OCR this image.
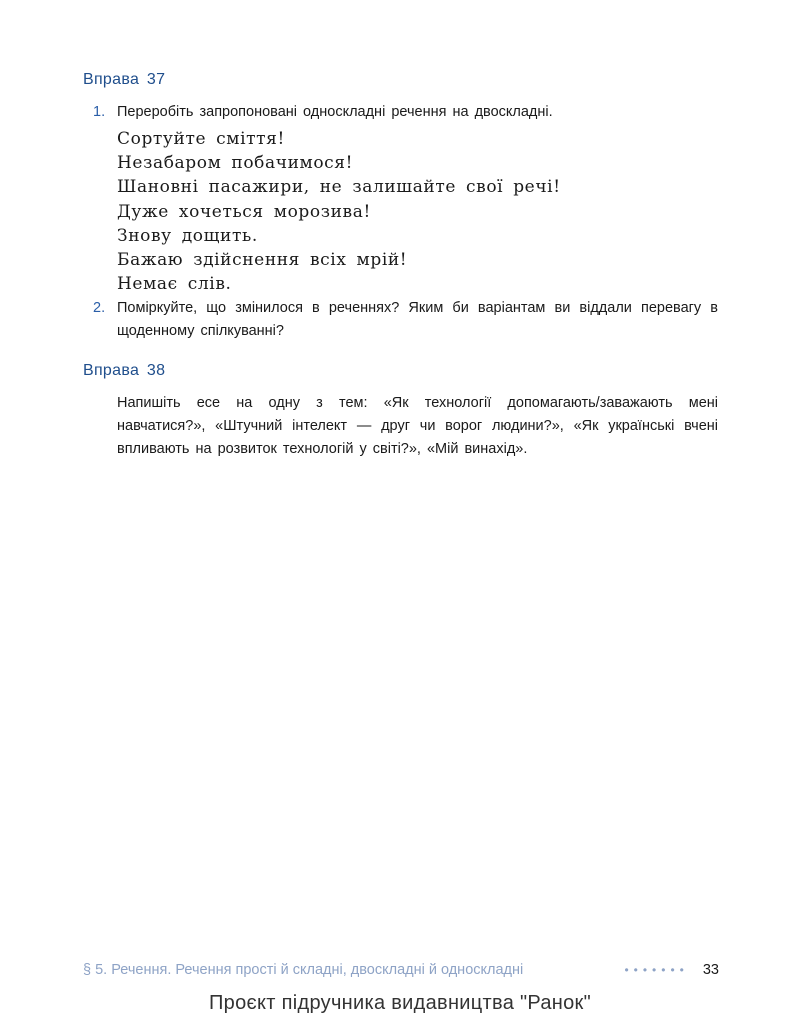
Вправа 37
1. Переробіть запропоновані односкладні речення на двоскладні.
Сортуйте сміття!
Незабаром побачимося!
Шановні пасажири, не залишайте свої речі!
Дуже хочеться морозива!
Знову дощить.
Бажаю здійснення всіх мрій!
Немає слів.
2. Поміркуйте, що змінилося в реченнях? Яким би варіантам ви віддали перевагу в щоденному спілкуванні?
Вправа 38
Напишіть есе на одну з тем: «Як технології допомагають/заважають мені навчатися?», «Штучний інтелект — друг чи ворог людини?», «Як українські вчені впливають на розвиток технологій у світі?», «Мій винахід».
§ 5. Речення. Речення прості й складні, двоскладні й односкладні	••••••• 33
Проєкт підручника видавництва "Ранок"
